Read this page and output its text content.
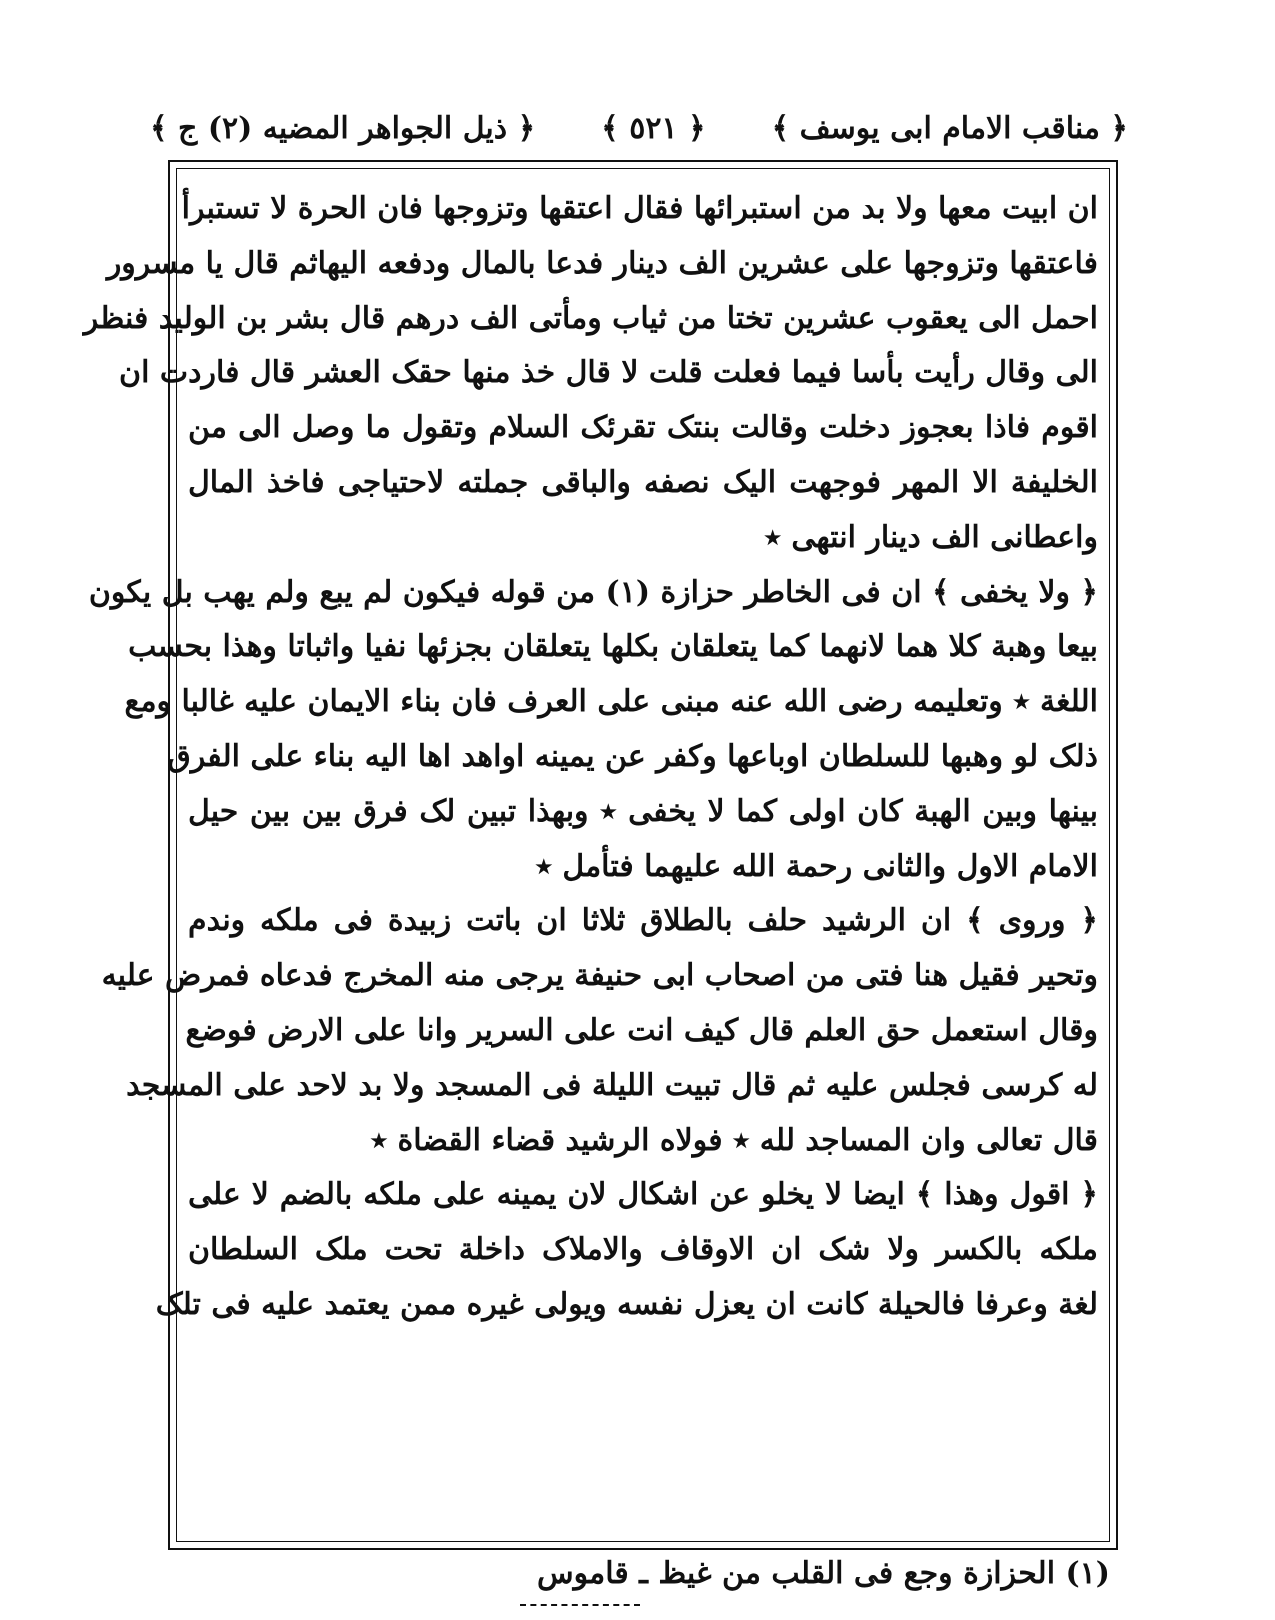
﴿ مناقب الامام ابی یوسف ﴾
﴿ ٥٢١ ﴾
﴿ ذیل الجواهر المضیه (٢) ج ﴾
ان ابیت معها ولا بد من استبرائها فقال اعتقها وتزوجها فان الحرة لا تستبرأ
فاعتقها وتزوجها علی عشرین الف دینار فدعا بالمال ودفعه الیهاثم قال یا مسرور
احمل الی یعقوب عشرین تختا من ثیاب ومأتی الف درهم قال بشر بن الولید فنظر
الی وقال رأیت بأسا فیما فعلت قلت لا قال خذ منها حقک العشر قال فاردت ان
اقوم فاذا بعجوز دخلت وقالت بنتک تقرئک السلام وتقول ما وصل الی من
الخلیفة الا المهر فوجهت الیک نصفه والباقی جملته لاحتیاجی فاخذ المال
واعطانی الف دینار انتهی ٭
﴿ ولا یخفی ﴾ ان فی الخاطر حزازة (١) من قوله فیکون لم یبع ولم یهب بل یکون
بیعا وهبة کلا هما لانهما کما یتعلقان بکلها یتعلقان بجزئها نفیا واثباتا وهذا بحسب
اللغة ٭ وتعلیمه رضی الله عنه مبنی علی العرف فان بناء الایمان علیه غالبا ومع
ذلک لو وهبها للسلطان اوباعها وکفر عن یمینه اواهد اها الیه بناء علی الفرق
بینها وبین الهبة کان اولی کما لا یخفی ٭ وبهذا تبین لک فرق بین بین حیل
الامام الاول والثانی رحمة الله علیهما فتأمل ٭
﴿ وروی ﴾ ان الرشید حلف بالطلاق ثلاثا ان باتت زبیدة فی ملکه وندم
وتحیر فقیل هنا فتی من اصحاب ابی حنیفة یرجی منه المخرج فدعاه فمرض علیه
وقال استعمل حق العلم قال کیف انت علی السریر وانا علی الارض فوضع
له کرسی فجلس علیه ثم قال تبیت اللیلة فی المسجد ولا بد لاحد علی المسجد
قال تعالی وان المساجد لله ٭ فولاه الرشید قضاء القضاة ٭
﴿ اقول وهذا ﴾ ایضا لا یخلو عن اشکال لان یمینه علی ملکه بالضم لا علی
ملکه بالکسر ولا شک ان الاوقاف والاملاک داخلة تحت ملک السلطان
لغة وعرفا فالحیلة کانت ان یعزل نفسه ویولی غیره ممن یعتمد علیه فی تلک
(١) الحزازة وجع فی القلب من غیظ ـ قاموس
